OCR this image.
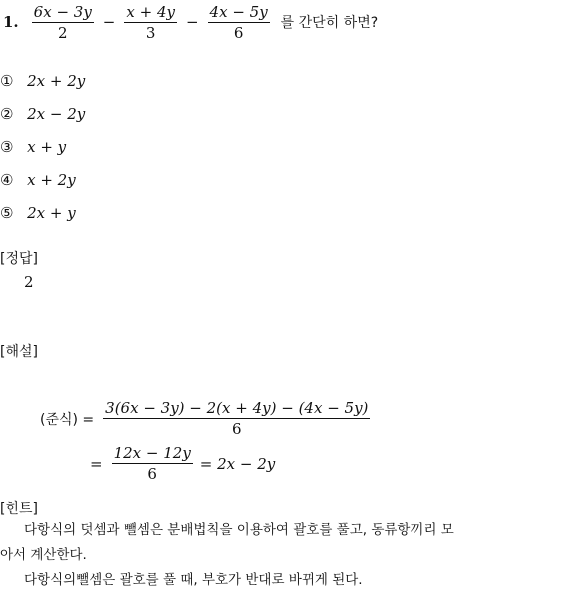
1. $\frac{6x - 3y}{2} - \frac{x + 4y}{3} - \frac{4x - 5y}{6}$ 를 간단히 하면?
① 2x + 2y
② 2x − 2y
③ x + y
④ x + 2y
⑤ 2x + y
[정답]
2
[해설]
(준식) = $\frac{3(6x - 3y) - 2(x + 4y) - (4x - 5y)}{6}$
= $\frac{12x - 12y}{6} = 2x - 2y$
[힌트]
다항식의 덧셈과 뺄셈은 분배법칙을 이용하여 괄호를 풀고, 동류항끼리 모
아서 계산한다.
다항식의뺄셈은 괄호를 풀 때, 부호가 반대로 바뀌게 된다.
